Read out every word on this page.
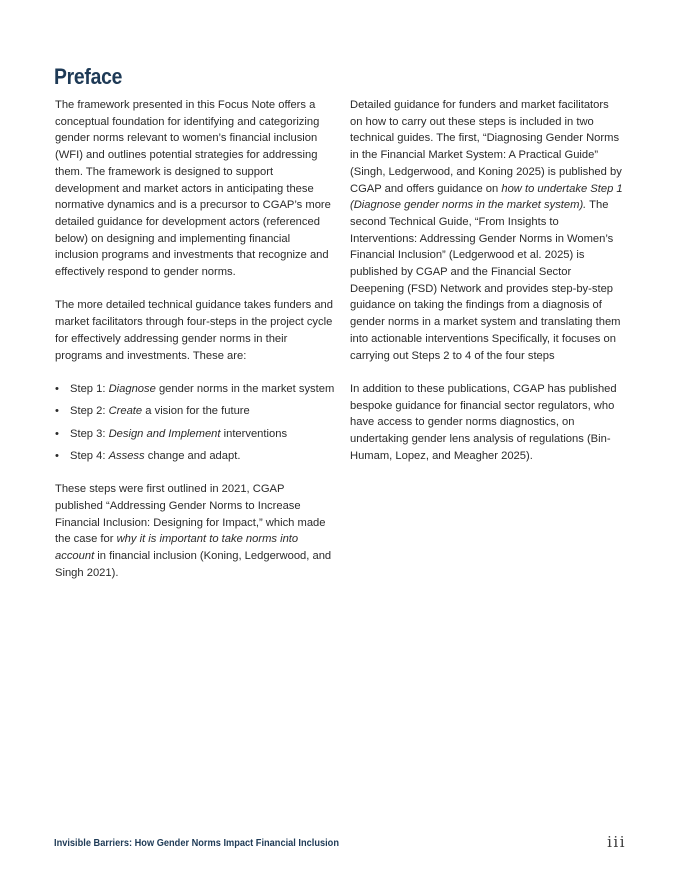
Preface

The framework presented in this Focus Note offers a conceptual foundation for identifying and categorizing gender norms relevant to women’s financial inclusion (WFI) and outlines potential strategies for addressing them. The framework is designed to support development and market actors in anticipating these normative dynamics and is a precursor to CGAP’s more detailed guidance for development actors (referenced below) on designing and implementing financial inclusion programs and investments that recognize and effectively respond to gender norms.

The more detailed technical guidance takes funders and market facilitators through four-steps in the project cycle for effectively addressing gender norms in their programs and investments. These are:

• Step 1: Diagnose gender norms in the market system
• Step 2: Create a vision for the future
• Step 3: Design and Implement interventions
• Step 4: Assess change and adapt.

These steps were first outlined in 2021, CGAP published “Addressing Gender Norms to Increase Financial Inclusion: Designing for Impact,” which made the case for why it is important to take norms into account in financial inclusion (Koning, Ledgerwood, and Singh 2021).

Detailed guidance for funders and market facilitators on how to carry out these steps is included in two technical guides. The first, “Diagnosing Gender Norms in the Financial Market System: A Practical Guide” (Singh, Ledgerwood, and Koning 2025) is published by CGAP and offers guidance on how to undertake Step 1 (Diagnose gender norms in the market system). The second Technical Guide, “From Insights to Interventions: Addressing Gender Norms in Women’s Financial Inclusion” (Ledgerwood et al. 2025) is published by CGAP and the Financial Sector Deepening (FSD) Network and provides step-by-step guidance on taking the findings from a diagnosis of gender norms in a market system and translating them into actionable interventions Specifically, it focuses on carrying out Steps 2 to 4 of the four steps

In addition to these publications, CGAP has published bespoke guidance for financial sector regulators, who have access to gender norms diagnostics, on undertaking gender lens analysis of regulations (Bin-Humam, Lopez, and Meagher 2025).

Invisible Barriers: How Gender Norms Impact Financial Inclusion	iii
